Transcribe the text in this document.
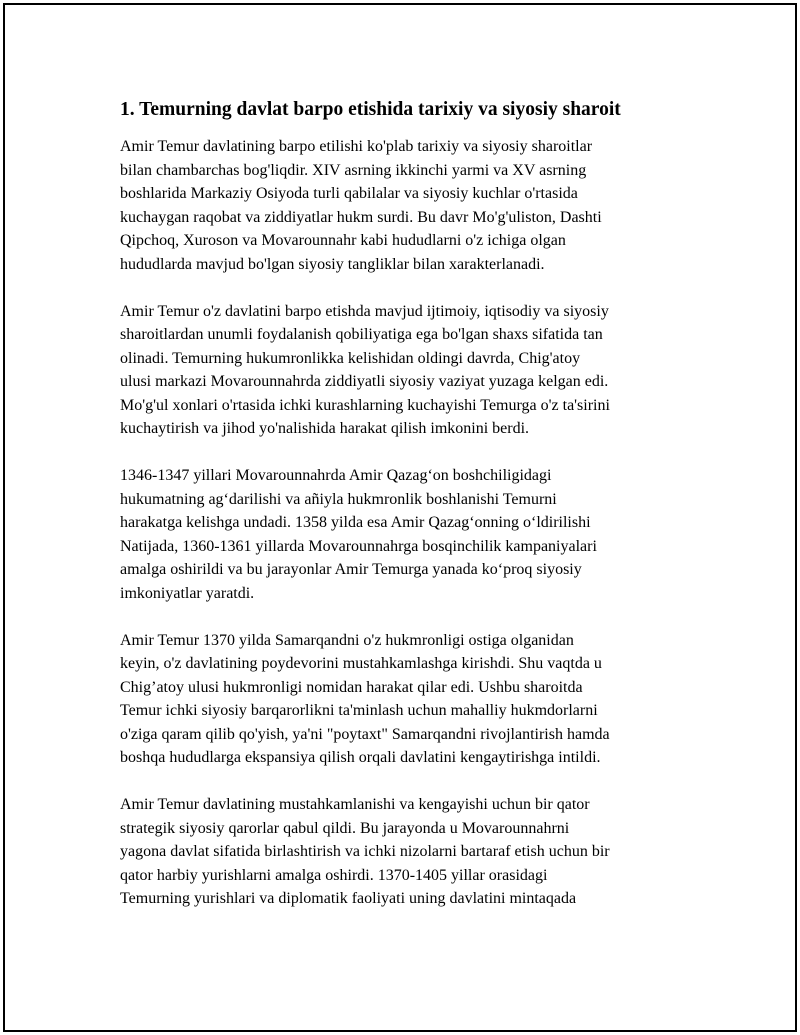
1. Temurning davlat barpo etishida tarixiy va siyosiy sharoit

Amir Temur davlatining barpo etilishi ko'plab tarixiy va siyosiy sharoitlar
bilan chambarchas bog'liqdir. XIV asrning ikkinchi yarmi va XV asrning
boshlarida Markaziy Osiyoda turli qabilalar va siyosiy kuchlar o'rtasida
kuchaygan raqobat va ziddiyatlar hukm surdi. Bu davr Mo'g'uliston, Dashti
Qipchoq, Xuroson va Movarounnahr kabi hududlarni o'z ichiga olgan
hududlarda mavjud bo'lgan siyosiy tangliklar bilan xarakterlanadi.

Amir Temur o'z davlatini barpo etishda mavjud ijtimoiy, iqtisodiy va siyosiy
sharoitlardan unumli foydalanish qobiliyatiga ega bo'lgan shaxs sifatida tan
olinadi. Temurning hukumronlikka kelishidan oldingi davrda, Chig'atoy
ulusi markazi Movarounnahrda ziddiyatli siyosiy vaziyat yuzaga kelgan edi.
Mo'g'ul xonlari o'rtasida ichki kurashlarning kuchayishi Temurga o'z ta'sirini
kuchaytirish va jihod yo'nalishida harakat qilish imkonini berdi.

1346-1347 yillari Movarounnahrda Amir Qazag‘on boshchiligidagi
hukumatning ag‘darilishi va añiyla hukmronlik boshlanishi Temurni
harakatga kelishga undadi. 1358 yilda esa Amir Qazag‘onning o‘ldirilishi
Natijada, 1360-1361 yillarda Movarounnahrga bosqinchilik kampaniyalari
amalga oshirildi va bu jarayonlar Amir Temurga yanada ko‘proq siyosiy
imkoniyatlar yaratdi.

Amir Temur 1370 yilda Samarqandni o'z hukmronligi ostiga olganidan
keyin, o'z davlatining poydevorini mustahkamlashga kirishdi. Shu vaqtda u
Chig’atoy ulusi hukmronligi nomidan harakat qilar edi. Ushbu sharoitda
Temur ichki siyosiy barqarorlikni ta'minlash uchun mahalliy hukmdorlarni
o'ziga qaram qilib qo'yish, ya'ni "poytaxt" Samarqandni rivojlantirish hamda
boshqa hududlarga ekspansiya qilish orqali davlatini kengaytirishga intildi.

Amir Temur davlatining mustahkamlanishi va kengayishi uchun bir qator
strategik siyosiy qarorlar qabul qildi. Bu jarayonda u Movarounnahrni
yagona davlat sifatida birlashtirish va ichki nizolarni bartaraf etish uchun bir
qator harbiy yurishlarni amalga oshirdi. 1370-1405 yillar orasidagi
Temurning yurishlari va diplomatik faoliyati uning davlatini mintaqada
